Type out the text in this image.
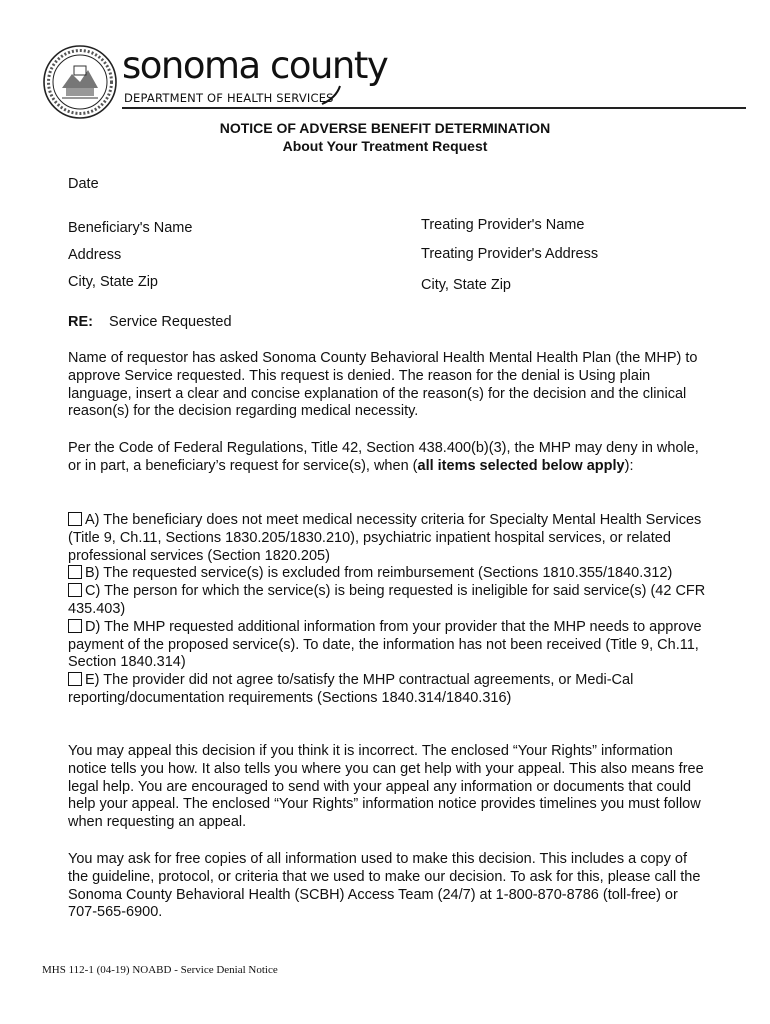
sonoma county
DEPARTMENT OF HEALTH SERVICES
NOTICE OF ADVERSE BENEFIT DETERMINATION
About Your Treatment Request
Date
Beneficiary's Name
Address
City, State Zip
Treating Provider's Name
Treating Provider's Address
City, State Zip
RE: Service Requested
Name of requestor has asked Sonoma County Behavioral Health Mental Health Plan (the MHP) to approve Service requested. This request is denied. The reason for the denial is Using plain language, insert a clear and concise explanation of the reason(s) for the decision and the clinical reason(s) for the decision regarding medical necessity.
Per the Code of Federal Regulations, Title 42, Section 438.400(b)(3), the MHP may deny in whole, or in part, a beneficiary’s request for service(s), when (all items selected below apply):
A) The beneficiary does not meet medical necessity criteria for Specialty Mental Health Services (Title 9, Ch.11, Sections 1830.205/1830.210), psychiatric inpatient hospital services, or related professional services (Section 1820.205)
B) The requested service(s) is excluded from reimbursement (Sections 1810.355/1840.312)
C) The person for which the service(s) is being requested is ineligible for said service(s) (42 CFR 435.403)
D) The MHP requested additional information from your provider that the MHP needs to approve payment of the proposed service(s). To date, the information has not been received (Title 9, Ch.11, Section 1840.314)
E) The provider did not agree to/satisfy the MHP contractual agreements, or Medi-Cal reporting/documentation requirements (Sections 1840.314/1840.316)
You may appeal this decision if you think it is incorrect. The enclosed “Your Rights” information notice tells you how. It also tells you where you can get help with your appeal. This also means free legal help. You are encouraged to send with your appeal any information or documents that could help your appeal. The enclosed “Your Rights” information notice provides timelines you must follow when requesting an appeal.
You may ask for free copies of all information used to make this decision. This includes a copy of the guideline, protocol, or criteria that we used to make our decision. To ask for this, please call the Sonoma County Behavioral Health (SCBH) Access Team (24/7) at 1-800-870-8786 (toll-free) or 707-565-6900.
MHS 112-1 (04-19) NOABD - Service Denial Notice
